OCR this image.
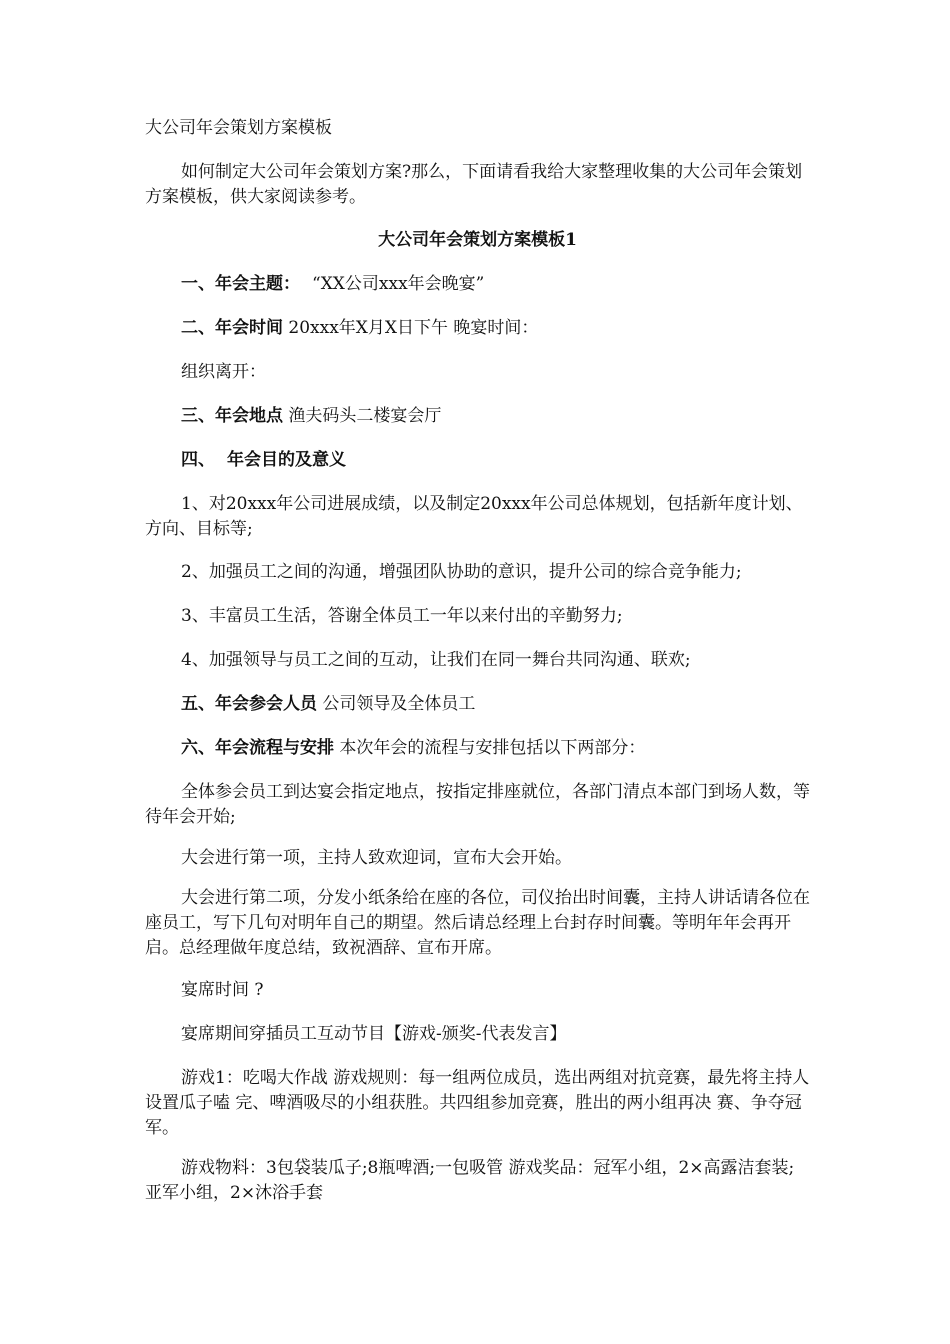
大公司年会策划方案模板

如何制定大公司年会策划方案?那么，下面请看我给大家整理收集的大公司年会策划方案模板，供大家阅读参考。

大公司年会策划方案模板1

一、年会主题： “XX公司xxx年会晚宴”

二、年会时间 20xxx年X月X日下午 晚宴时间：

组织离开：

三、年会地点 渔夫码头二楼宴会厅

四、 年会目的及意义

1、对20xxx年公司进展成绩，以及制定20xxx年公司总体规划，包括新年度计划、方向、目标等;

2、加强员工之间的沟通，增强团队协助的意识，提升公司的综合竞争能力;

3、丰富员工生活，答谢全体员工一年以来付出的辛勤努力;

4、加强领导与员工之间的互动，让我们在同一舞台共同沟通、联欢;

五、年会参会人员 公司领导及全体员工

六、年会流程与安排 本次年会的流程与安排包括以下两部分：

全体参会员工到达宴会指定地点，按指定排座就位，各部门清点本部门到场人数，等待年会开始;

大会进行第一项，主持人致欢迎词，宣布大会开始。

大会进行第二项，分发小纸条给在座的各位，司仪抬出时间囊，主持人讲话请各位在座员工，写下几句对明年自己的期望。然后请总经理上台封存时间囊。等明年年会再开启。总经理做年度总结，致祝酒辞、宣布开席。

宴席时间 ?

宴席期间穿插员工互动节目【游戏-颁奖-代表发言】

游戏1：吃喝大作战 游戏规则：每一组两位成员，选出两组对抗竞赛，最先将主持人设置瓜子嗑 完、啤酒吸尽的小组获胜。共四组参加竞赛，胜出的两小组再决 赛、争夺冠军。

游戏物料：3包袋装瓜子;8瓶啤酒;一包吸管 游戏奖品：冠军小组，2×高露洁套装;亚军小组，2×沐浴手套
